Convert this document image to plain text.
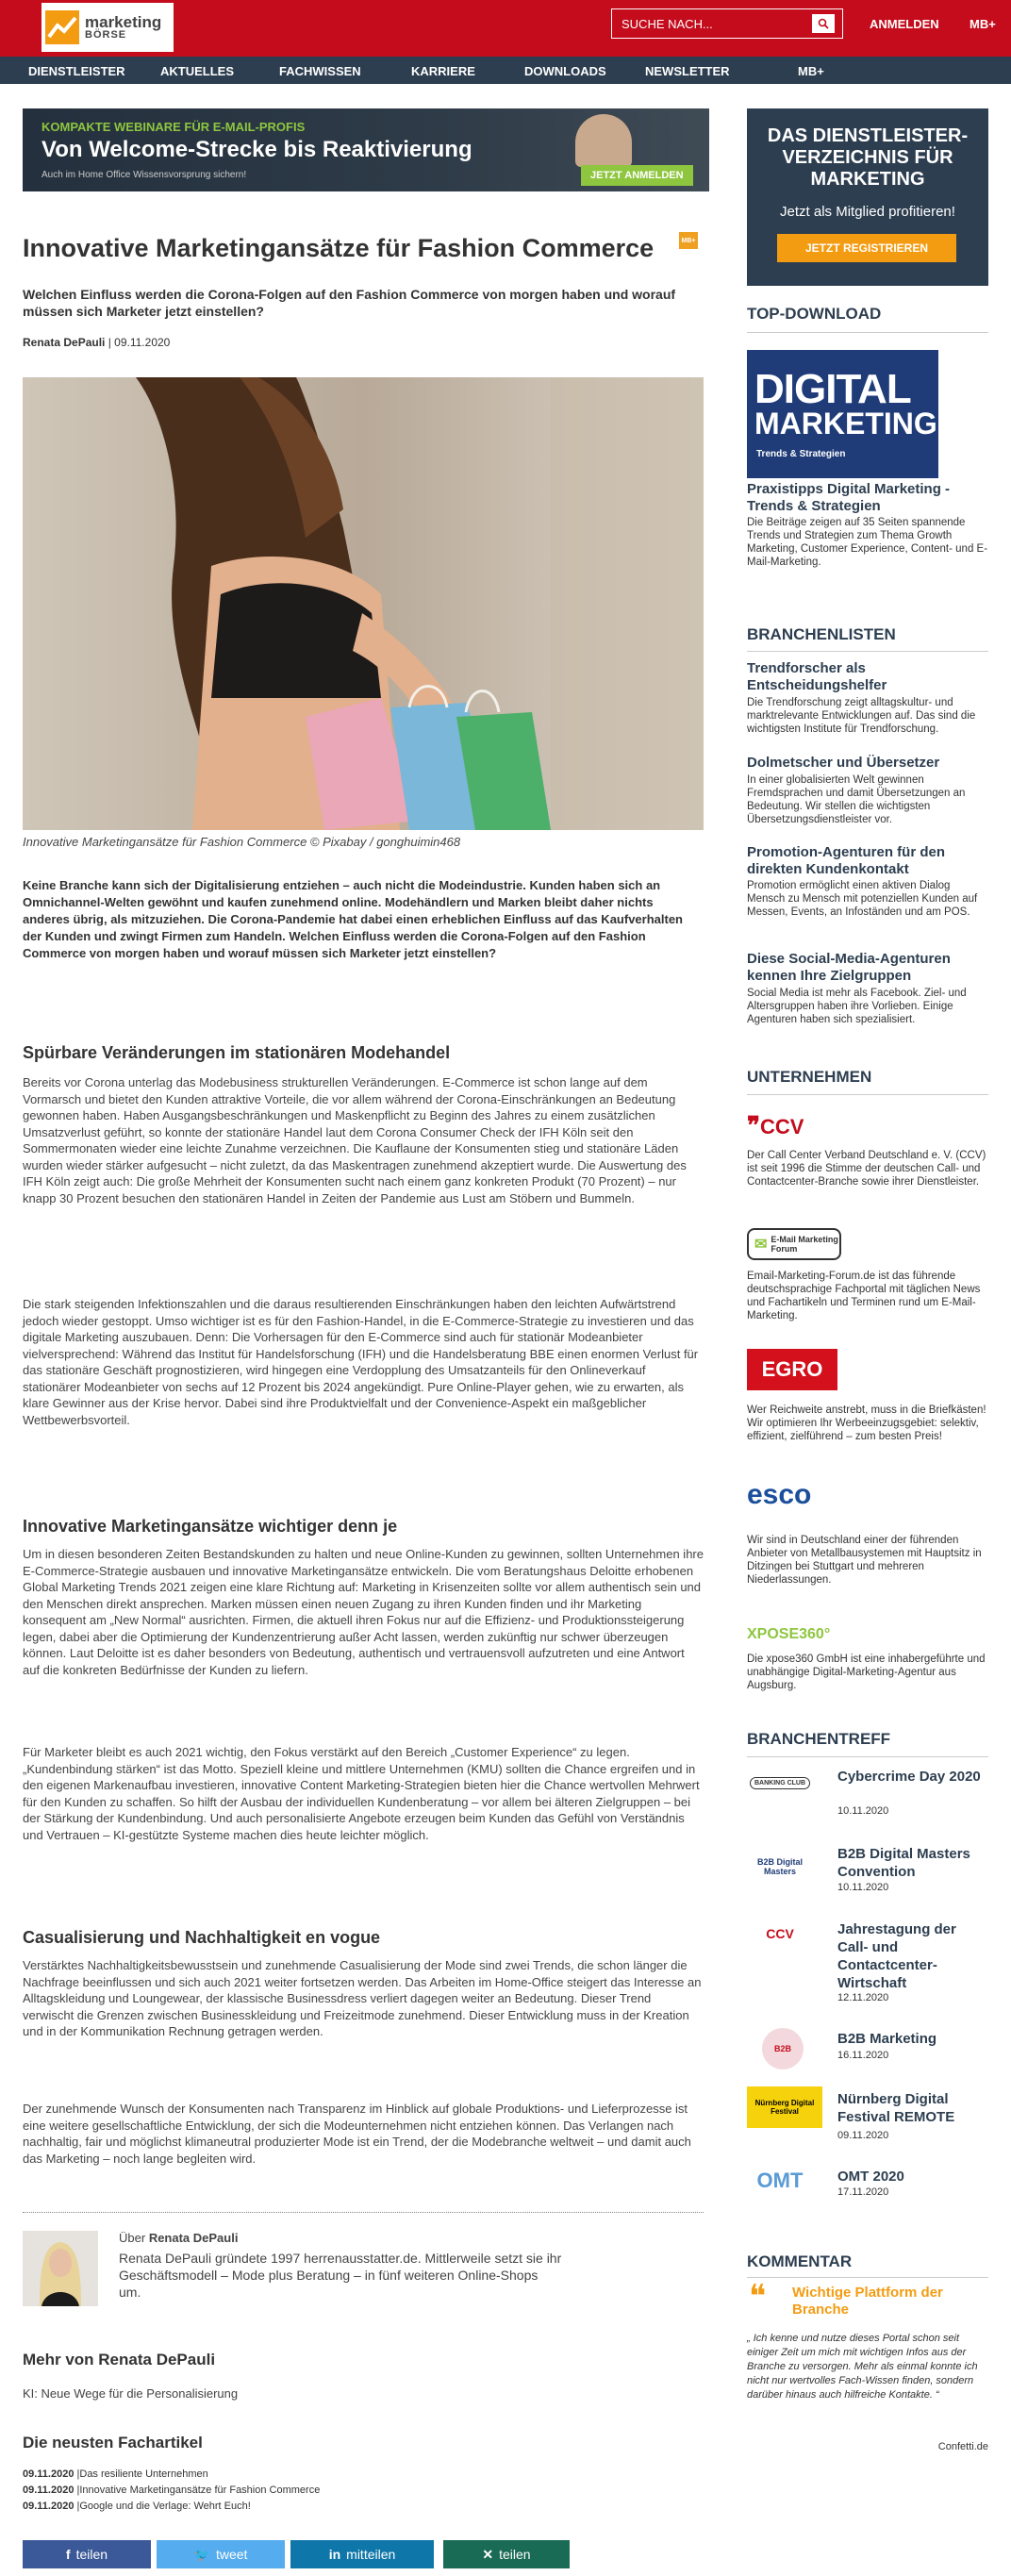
marketing
BÖRSE
SUCHE NACH...	ANMELDEN MB+
DIENSTLEISTER	AKTUELLES	FACHWISSEN	KARRIERE	DOWNLOADS	NEWSLETTER	MB+
KOMPAKTE WEBINARE FÜR E-MAIL-PROFIS
Von Welcome-Strecke bis Reaktivierung
Auch im Home Office Wissensvorsprung sichern!	JETZT ANMELDEN
Innovative Marketingansätze für Fashion Commerce	MB+
Welchen Einfluss werden die Corona-Folgen auf den Fashion Commerce von morgen haben und worauf müssen sich Marketer jetzt einstellen?
Renata DePauli | 09.11.2020
Innovative Marketingansätze für Fashion Commerce © Pixabay / gonghuimin468
Keine Branche kann sich der Digitalisierung entziehen – auch nicht die Modeindustrie. Kunden haben sich an Omnichannel-Welten gewöhnt und kaufen zunehmend online. Modehändlern und Marken bleibt daher nichts anderes übrig, als mitzuziehen. Die Corona-Pandemie hat dabei einen erheblichen Einfluss auf das Kaufverhalten der Kunden und zwingt Firmen zum Handeln. Welchen Einfluss werden die Corona-Folgen auf den Fashion Commerce von morgen haben und worauf müssen sich Marketer jetzt einstellen?
Spürbare Veränderungen im stationären Modehandel

Bereits vor Corona unterlag das Modebusiness strukturellen Veränderungen. E-Commerce ist schon lange auf dem Vormarsch und bietet den Kunden attraktive Vorteile, die vor allem während der Corona-Einschränkungen an Bedeutung gewonnen haben. Haben Ausgangsbeschränkungen und Maskenpflicht zu Beginn des Jahres zu einem zusätzlichen Umsatzverlust geführt, so konnte der stationäre Handel laut dem Corona Consumer Check der IFH Köln seit den Sommermonaten wieder eine leichte Zunahme verzeichnen. Die Kauflaune der Konsumenten stieg und stationäre Läden wurden wieder stärker aufgesucht – nicht zuletzt, da das Maskentragen zunehmend akzeptiert wurde. Die Auswertung des IFH Köln zeigt auch: Die große Mehrheit der Konsumenten sucht nach einem ganz konkreten Produkt (70 Prozent) – nur knapp 30 Prozent besuchen den stationären Handel in Zeiten der Pandemie aus Lust am Stöbern und Bummeln.

Die stark steigenden Infektionszahlen und die daraus resultierenden Einschränkungen haben den leichten Aufwärtstrend jedoch wieder gestoppt. Umso wichtiger ist es für den Fashion-Handel, in die E-Commerce-Strategie zu investieren und das digitale Marketing auszubauen. Denn: Die Vorhersagen für den E-Commerce sind auch für stationär Modeanbieter vielversprechend: Während das Institut für Handelsforschung (IFH) und die Handelsberatung BBE einen enormen Verlust für das stationäre Geschäft prognostizieren, wird hingegen eine Verdopplung des Umsatzanteils für den Onlineverkauf stationärer Modeanbieter von sechs auf 12 Prozent bis 2024 angekündigt. Pure Online-Player gehen, wie zu erwarten, als klare Gewinner aus der Krise hervor. Dabei sind ihre Produktvielfalt und der Convenience-Aspekt ein maßgeblicher Wettbewerbsvorteil.

Innovative Marketingansätze wichtiger denn je

Um in diesen besonderen Zeiten Bestandskunden zu halten und neue Online-Kunden zu gewinnen, sollten Unternehmen ihre E-Commerce-Strategie ausbauen und innovative Marketingansätze entwickeln. Die vom Beratungshaus Deloitte erhobenen Global Marketing Trends 2021 zeigen eine klare Richtung auf: Marketing in Krisenzeiten sollte vor allem authentisch sein und den Menschen direkt ansprechen. Marken müssen einen neuen Zugang zu ihren Kunden finden und ihr Marketing konsequent am „New Normal“ ausrichten. Firmen, die aktuell ihren Fokus nur auf die Effizienz- und Produktionssteigerung legen, dabei aber die Optimierung der Kundenzentrierung außer Acht lassen, werden zukünftig nur schwer überzeugen können. Laut Deloitte ist es daher besonders von Bedeutung, authentisch und vertrauensvoll aufzutreten und eine Antwort auf die konkreten Bedürfnisse der Kunden zu liefern.

Für Marketer bleibt es auch 2021 wichtig, den Fokus verstärkt auf den Bereich „Customer Experience“ zu legen. „Kundenbindung stärken“ ist das Motto. Speziell kleine und mittlere Unternehmen (KMU) sollten die Chance ergreifen und in den eigenen Markenaufbau investieren, innovative Content Marketing-Strategien bieten hier die Chance wertvollen Mehrwert für den Kunden zu schaffen. So hilft der Ausbau der individuellen Kundenberatung – vor allem bei älteren Zielgruppen – bei der Stärkung der Kundenbindung. Und auch personalisierte Angebote erzeugen beim Kunden das Gefühl von Verständnis und Vertrauen – KI-gestützte Systeme machen dies heute leichter möglich.

Casualisierung und Nachhaltigkeit en vogue

Verstärktes Nachhaltigkeitsbewusstsein und zunehmende Casualisierung der Mode sind zwei Trends, die schon länger die Nachfrage beeinflussen und sich auch 2021 weiter fortsetzen werden. Das Arbeiten im Home-Office steigert das Interesse an Alltagskleidung und Loungewear, der klassische Businessdress verliert dagegen weiter an Bedeutung. Dieser Trend verwischt die Grenzen zwischen Businesskleidung und Freizeitmode zunehmend. Dieser Entwicklung muss in der Kreation und in der Kommunikation Rechnung getragen werden.

Der zunehmende Wunsch der Konsumenten nach Transparenz im Hinblick auf globale Produktions- und Lieferprozesse ist eine weitere gesellschaftliche Entwicklung, der sich die Modeunternehmen nicht entziehen können. Das Verlangen nach nachhaltig, fair und möglichst klimaneutral produzierter Mode ist ein Trend, der die Modebranche weltweit – und damit auch das Marketing – noch lange begleiten wird.

Über Renata DePauli
Renata DePauli gründete 1997 herrenausstatter.de. Mittlerweile setzt sie ihr Geschäftsmodell – Mode plus Beratung – in fünf weiteren Online-Shops um.
Mehr von Renata DePauli
KI: Neue Wege für die Personalisierung
Die neusten Fachartikel
09.11.2020 |Das resiliente Unternehmen
09.11.2020 |Innovative Marketingansätze für Fashion Commerce
09.11.2020 |Google und die Verlage: Wehrt Euch!
f teilen	🐦 tweet	in mitteilen	✕ teilen
DAS DIENSTLEISTER-VERZEICHNIS FÜR MARKETING
Jetzt als Mitglied profitieren!
JETZT REGISTRIEREN
TOP-DOWNLOAD
DIGITAL
MARKETING
Trends & Strategien
Praxistipps Digital Marketing - Trends & Strategien
Die Beiträge zeigen auf 35 Seiten spannende Trends und Strategien zum Thema Growth Marketing, Customer Experience, Content- und E-Mail-Marketing.
BRANCHENLISTEN
Trendforscher als Entscheidungshelfer
Die Trendforschung zeigt alltagskultur- und marktrelevante Entwicklungen auf. Das sind die wichtigsten Institute für Trendforschung.
Dolmetscher und Übersetzer
In einer globalisierten Welt gewinnen Fremdsprachen und damit Übersetzungen an Bedeutung. Wir stellen die wichtigsten Übersetzungsdienstleister vor.
Promotion-Agenturen für den direkten Kundenkontakt
Promotion ermöglicht einen aktiven Dialog Mensch zu Mensch mit potenziellen Kunden auf Messen, Events, an Infoständen und am POS.
Diese Social-Media-Agenturen kennen Ihre Zielgruppen
Social Media ist mehr als Facebook. Ziel- und Altersgruppen haben ihre Vorlieben. Einige Agenturen haben sich spezialisiert.
UNTERNEHMEN
❞CCV
Der Call Center Verband Deutschland e. V. (CCV) ist seit 1996 die Stimme der deutschen Call- und Contactcenter-Branche sowie ihrer Dienstleister.
✉ E-Mail Marketing Forum
Email-Marketing-Forum.de ist das führende deutschsprachige Fachportal mit täglichen News und Fachartikeln und Terminen rund um E-Mail-Marketing.
EGRO
Wer Reichweite anstrebt, muss in die Briefkästen! Wir optimieren Ihr Werbeeinzugsgebiet: selektiv, effizient, zielführend – zum besten Preis!
esco
Wir sind in Deutschland einer der führenden Anbieter von Metallbausystemen mit Hauptsitz in Ditzingen bei Stuttgart und mehreren Niederlassungen.
XPOSE360°
Die xpose360 GmbH ist eine inhabergeführte und unabhängige Digital-Marketing-Agentur aus Augsburg.
BRANCHENTREFF
BANKING CLUB	Cybercrime Day 2020
10.11.2020
B2B Digital Masters
B2B Digital Masters Convention
10.11.2020
CCV	Jahrestagung der Call- und Contactcenter-Wirtschaft
12.11.2020
B2B
B2B Marketing
16.11.2020
Nürnberg Digital Festival
Nürnberg Digital Festival REMOTE
09.11.2020
OMT OMT 2020
17.11.2020
KOMMENTAR
❝ Wichtige Plattform der Branche
„ Ich kenne und nutze dieses Portal schon seit einiger Zeit um mich mit wichtigen Infos aus der Branche zu versorgen. Mehr als einmal konnte ich nicht nur wertvolles Fach-Wissen finden, sondern darüber hinaus auch hilfreiche Kontakte. “
Confetti.de
